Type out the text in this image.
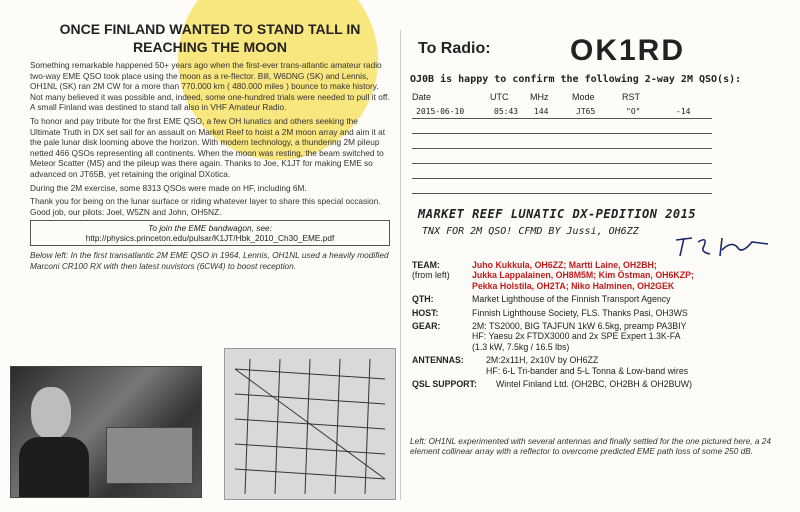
ONCE FINLAND WANTED TO STAND TALL IN REACHING THE MOON

Something remarkable happened 50+ years ago when the first-ever trans-atlantic amateur radio two-way EME QSO took place using the moon as a re-flector. Bill, W6DNG (SK) and Lennis, OH1NL (SK) ran 2M CW for a more than 770.000 km ( 480.000 miles ) bounce to make history. Not many believed it was possible and, indeed, some one-hundred trials were needed to pull it off. A small Finland was destined to stand tall also in VHF Amateur Radio.

To honor and pay tribute for the first EME QSO, a few OH lunatics and others seeking the Ultimate Truth in DX set sail for an assault on Market Reef to hoist a 2M moon array and aim it at the pale lunar disk looming above the horizon. With modern technology, a thundering 2M pileup netted 466 QSOs representing all continents. When the moon was resting, the beam switched to Meteor Scatter (MS) and the pileup was there again. Thanks to Joe, K1JT for making EME so advanced on JT65B, yet retaining the original DXotica.

During the 2M exercise, some 8313 QSOs were made on HF, including 6M.

Thank you for being on the lunar surface or riding whatever layer to share this special occasion. Good job, our pilots: Joel, W5ZN and John, OH5NZ.

To join the EME bandwagon, see:
http://physics.princeton.edu/pulsar/K1JT/Hbk_2010_Ch30_EME.pdf
Below left: In the first transatlantic 2M EME QSO in 1964, Lennis, OH1NL used a heavily modified Marconi CR100 RX with then latest nuvistors (6CW4) to boost reception.
To Radio:	OK1RD
OJ0B is happy to confirm the following 2-way 2M QSO(s):
Date	UTC	MHz	Mode	RST	
2015-06-10	05:43	144	JT65	"O"	-14

MARKET REEF LUNATIC DX-PEDITION 2015
TNX FOR 2M QSO! CFMD BY Jussi, OH6ZZ
TEAM:
(from left)
Juho Kukkula, OH6ZZ; Martti Laine, OH2BH;
Jukka Lappalainen, OH8M5M; Kim Östman, OH6KZP;
Pekka Holstila, OH2TA; Niko Halminen, OH2GEK
QTH:	Market Lighthouse of the Finnish Transport Agency
HOST:	Finnish Lighthouse Society, FLS. Thanks Pasi, OH3WS
GEAR:	2M: TS2000, BIG TAJFUN 1kW 6.5kg, preamp PA3BIY
HF: Yaesu 2x FTDX3000 and 2x SPE Expert 1.3K-FA
(1.3 kW, 7.5kg / 16.5 lbs)
ANTENNAS:	2M:2x11H, 2x10V by OH6ZZ
HF: 6-L Tri-bander and 5-L Tonna & Low-band wires
QSL SUPPORT:	Wintel Finland Ltd. (OH2BC, OH2BH & OH2BUW)
Left: OH1NL experimented with several antennas and finally settled for the one pictured here, a 24 element collinear array with a reflector to overcome predicted EME path loss of some 250 dB.
